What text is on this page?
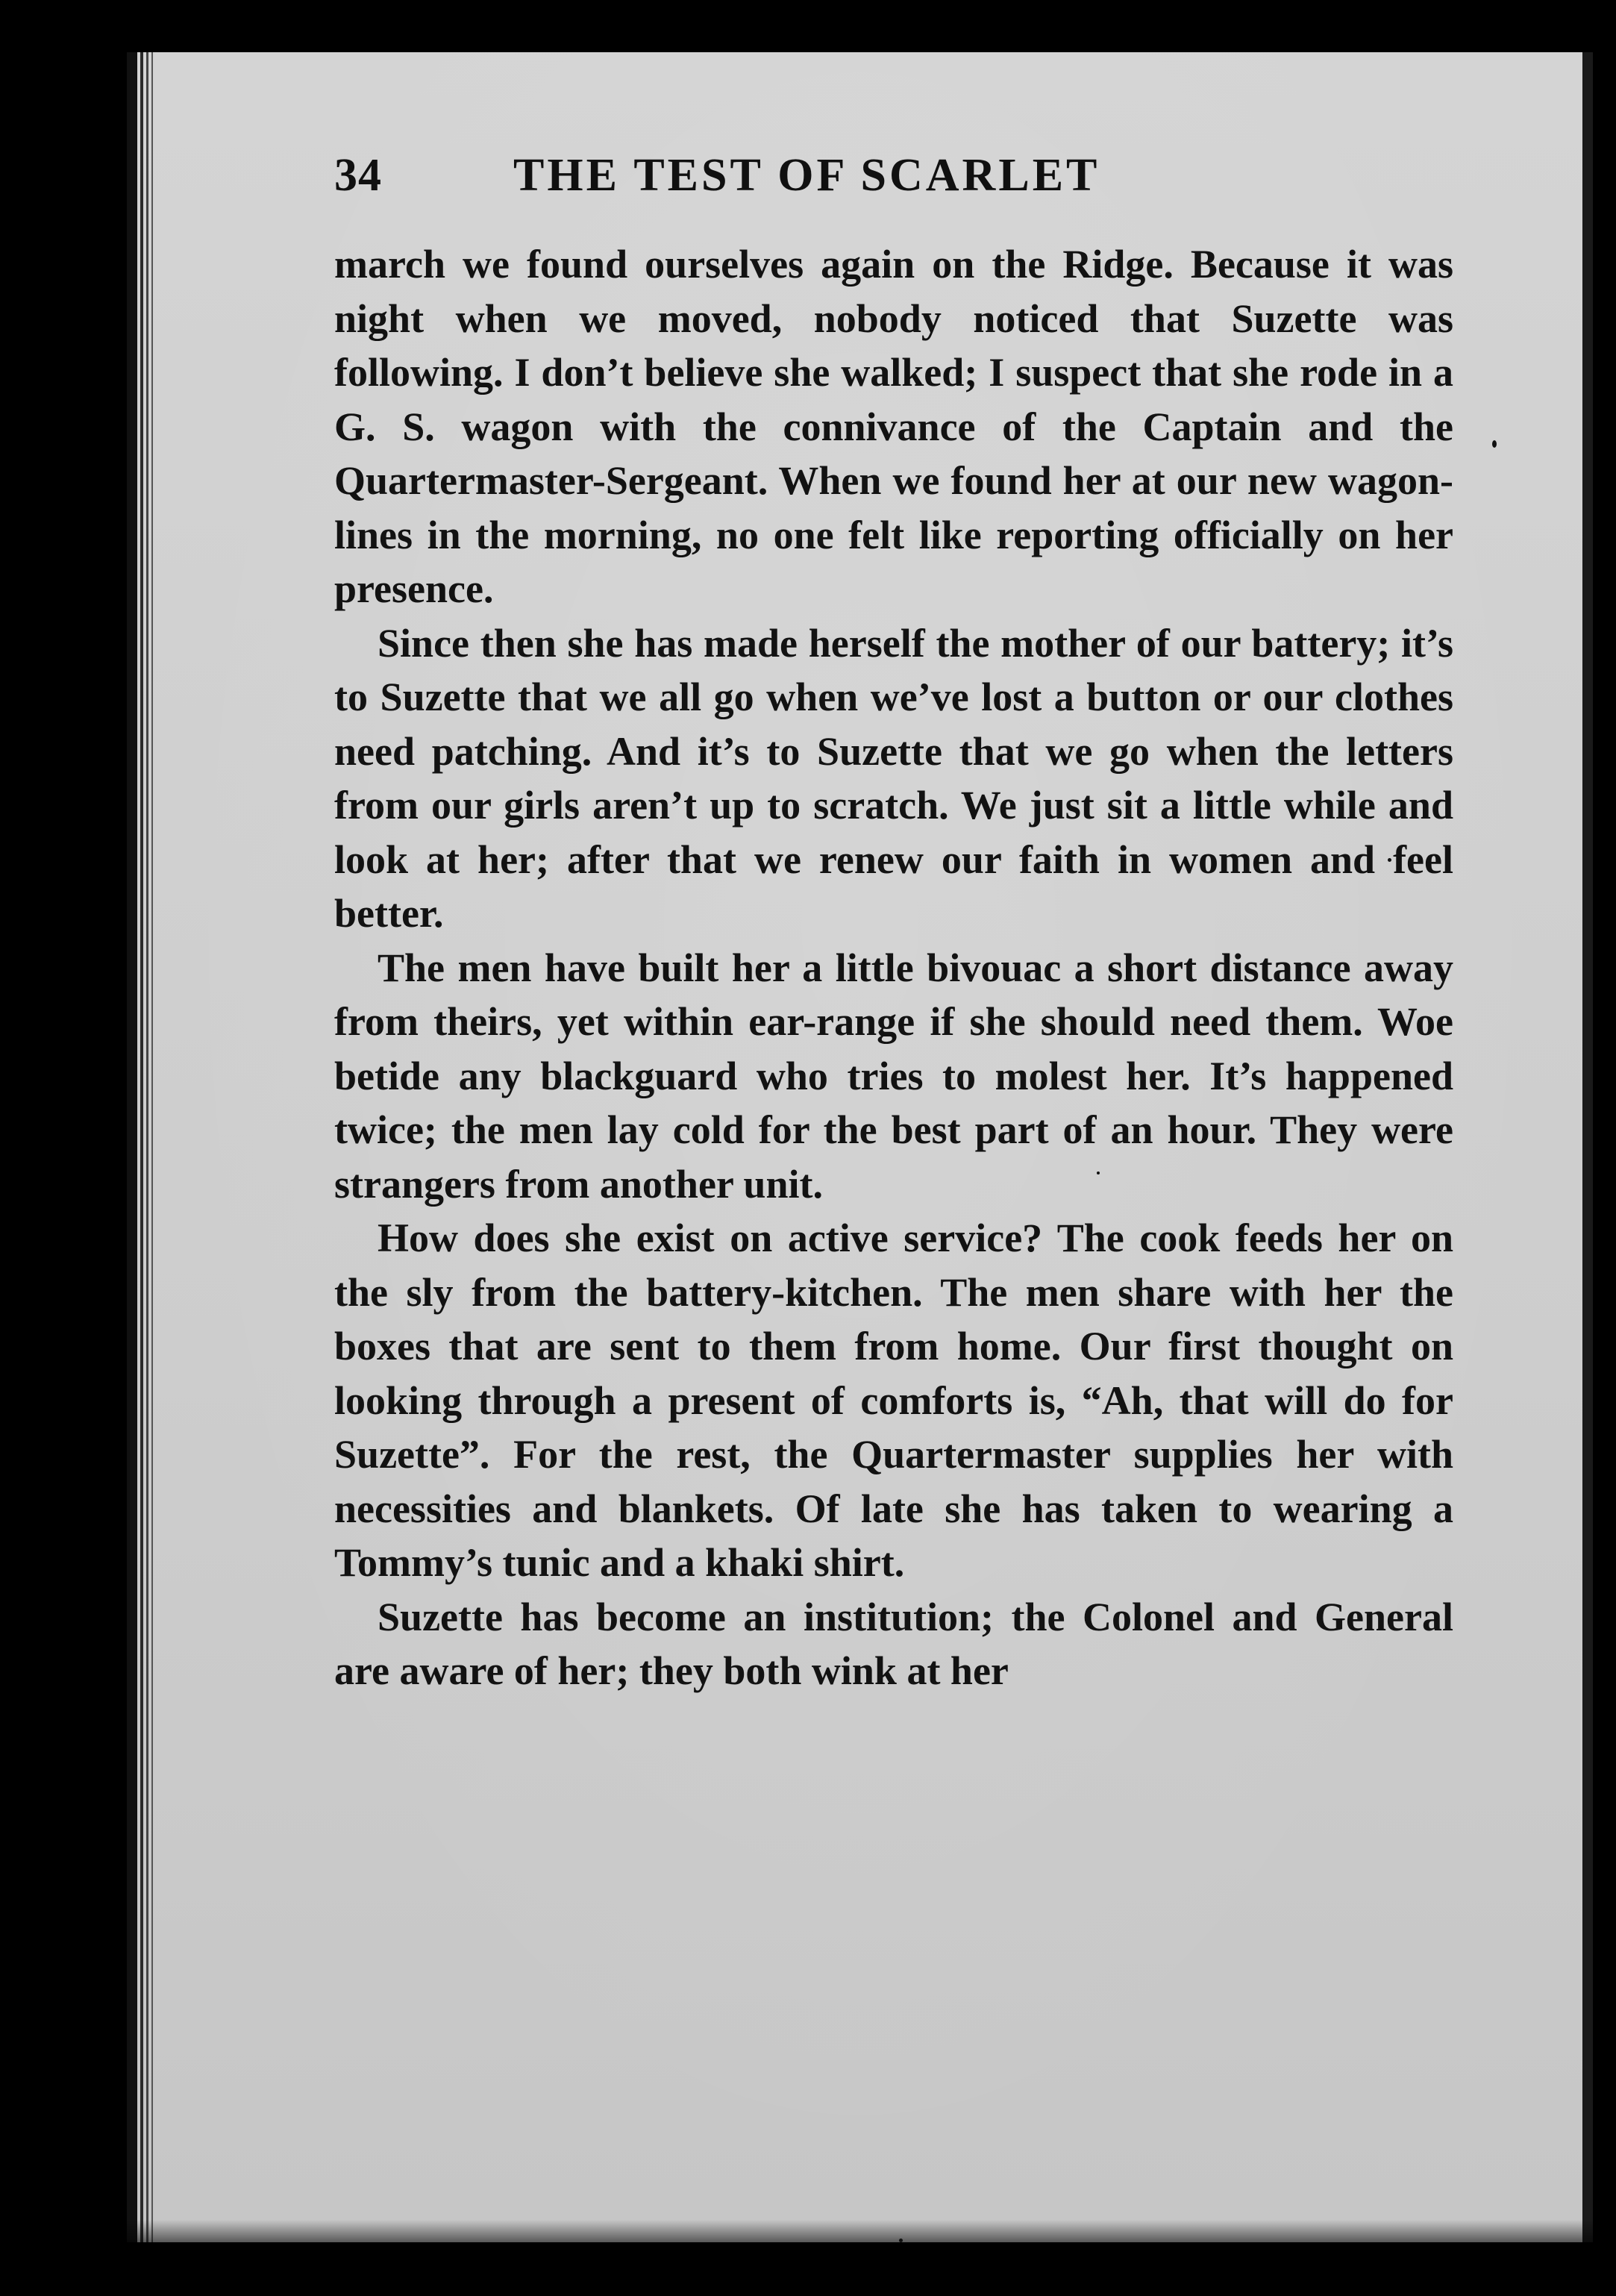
34	THE TEST OF SCARLET

march we found ourselves again on the Ridge. Because it was night when we moved, nobody noticed that Suzette was following. I don’t believe she walked; I suspect that she rode in a G. S. wagon with the connivance of the Captain and the Quartermaster-Sergeant. When we found her at our new wagon-lines in the morning, no one felt like reporting officially on her presence.

Since then she has made herself the mother of our battery; it’s to Suzette that we all go when we’ve lost a button or our clothes need patching. And it’s to Suzette that we go when the letters from our girls aren’t up to scratch. We just sit a little while and look at her; after that we renew our faith in women and feel better.

The men have built her a little bivouac a short distance away from theirs, yet within ear-range if she should need them. Woe betide any blackguard who tries to molest her. It’s happened twice; the men lay cold for the best part of an hour. They were strangers from another unit.

How does she exist on active service? The cook feeds her on the sly from the battery-kitchen. The men share with her the boxes that are sent to them from home. Our first thought on looking through a present of comforts is, “Ah, that will do for Suzette”. For the rest, the Quartermaster supplies her with necessities and blankets. Of late she has taken to wearing a Tommy’s tunic and a khaki shirt.

Suzette has become an institution; the Colonel and General are aware of her; they both wink at her
